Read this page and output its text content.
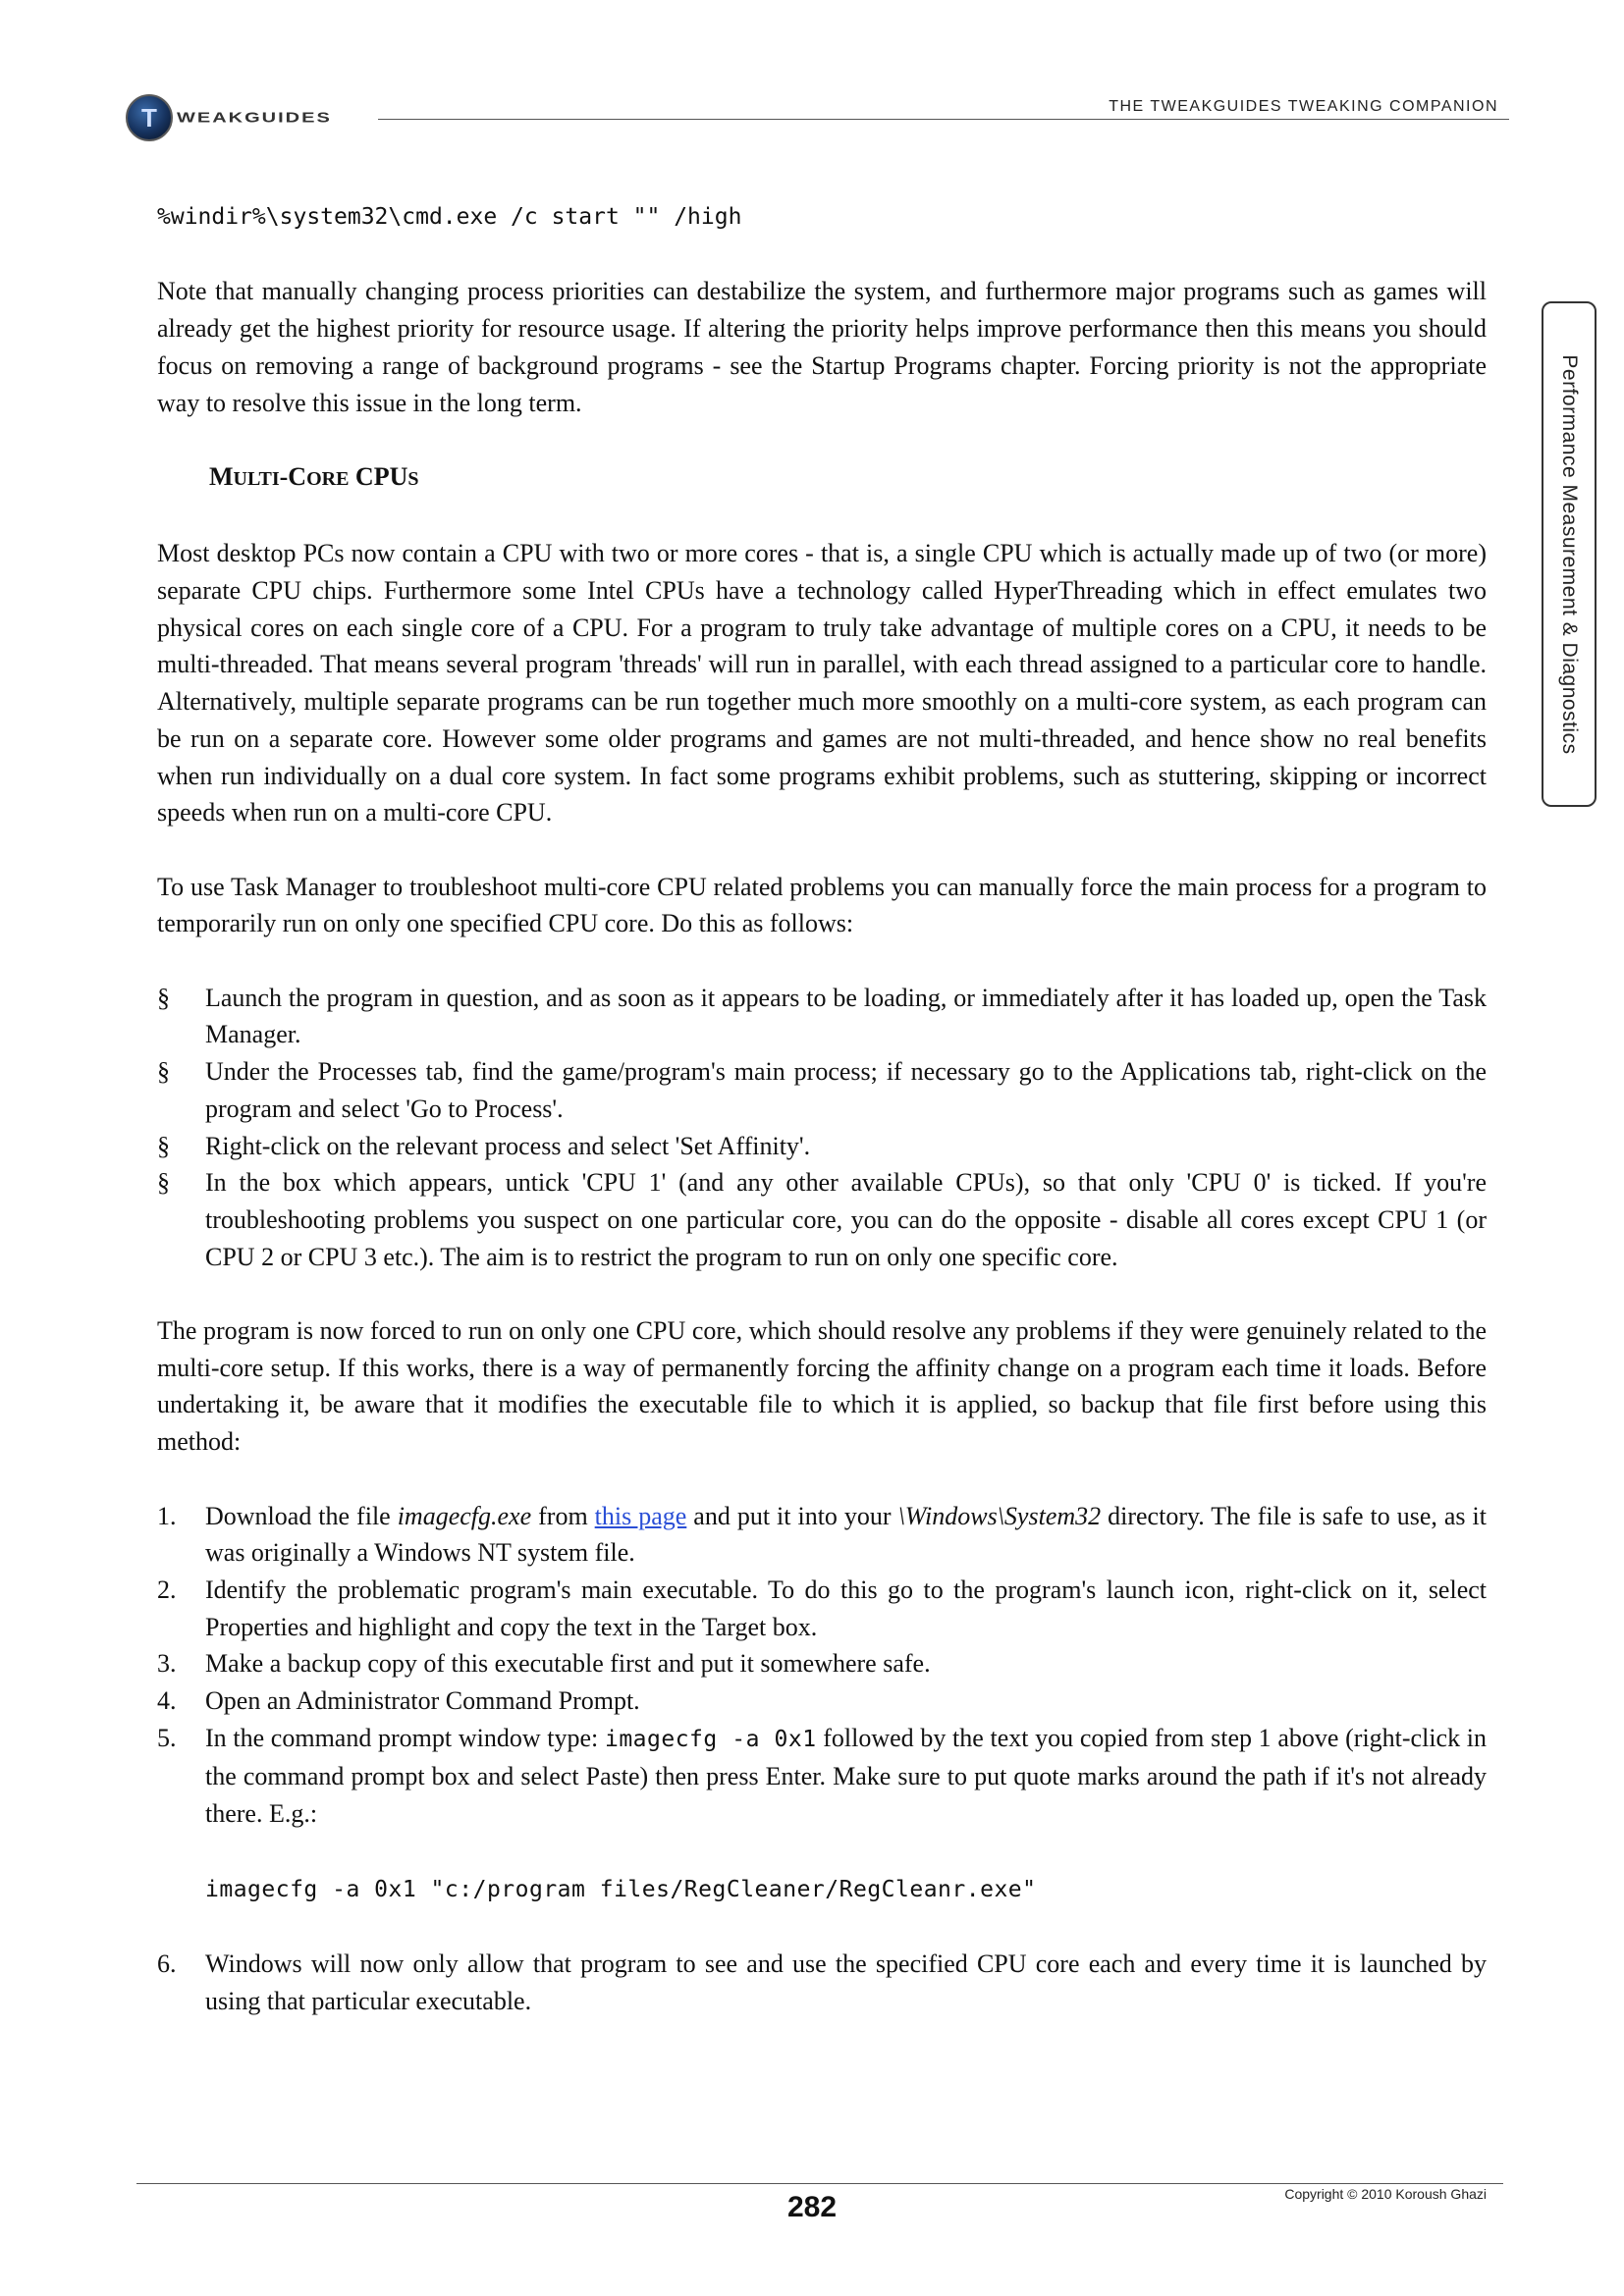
T	WEAKGUIDES
THE TWEAKGUIDES TWEAKING COMPANION
Performance Measurement & Diagnostics

%windir%\system32\cmd.exe /c start "" /high

Note that manually changing process priorities can destabilize the system, and furthermore major programs such as games will already get the highest priority for resource usage. If altering the priority helps improve performance then this means you should focus on removing a range of background programs - see the Startup Programs chapter. Forcing priority is not the appropriate way to resolve this issue in the long term.

MULTI-CORE CPUS

Most desktop PCs now contain a CPU with two or more cores - that is, a single CPU which is actually made up of two (or more) separate CPU chips. Furthermore some Intel CPUs have a technology called HyperThreading which in effect emulates two physical cores on each single core of a CPU. For a program to truly take advantage of multiple cores on a CPU, it needs to be multi-threaded. That means several program 'threads' will run in parallel, with each thread assigned to a particular core to handle. Alternatively, multiple separate programs can be run together much more smoothly on a multi-core system, as each program can be run on a separate core. However some older programs and games are not multi-threaded, and hence show no real benefits when run individually on a dual core system. In fact some programs exhibit problems, such as stuttering, skipping or incorrect speeds when run on a multi-core CPU.

To use Task Manager to troubleshoot multi-core CPU related problems you can manually force the main process for a program to temporarily run on only one specified CPU core. Do this as follows:

§ Launch the program in question, and as soon as it appears to be loading, or immediately after it has loaded up, open the Task Manager.
§ Under the Processes tab, find the game/program's main process; if necessary go to the Applications tab, right-click on the program and select 'Go to Process'.
§ Right-click on the relevant process and select 'Set Affinity'.
§ In the box which appears, untick 'CPU 1' (and any other available CPUs), so that only 'CPU 0' is ticked. If you're troubleshooting problems you suspect on one particular core, you can do the opposite - disable all cores except CPU 1 (or CPU 2 or CPU 3 etc.). The aim is to restrict the program to run on only one specific core.

The program is now forced to run on only one CPU core, which should resolve any problems if they were genuinely related to the multi-core setup. If this works, there is a way of permanently forcing the affinity change on a program each time it loads. Before undertaking it, be aware that it modifies the executable file to which it is applied, so backup that file first before using this method:

1. Download the file imagecfg.exe from this page and put it into your \Windows\System32 directory. The file is safe to use, as it was originally a Windows NT system file.
2. Identify the problematic program's main executable. To do this go to the program's launch icon, right-click on it, select Properties and highlight and copy the text in the Target box.
3. Make a backup copy of this executable first and put it somewhere safe.
4. Open an Administrator Command Prompt.
5. In the command prompt window type: imagecfg -a 0x1 followed by the text you copied from step 1 above (right-click in the command prompt box and select Paste) then press Enter. Make sure to put quote marks around the path if it's not already there. E.g.:
imagecfg -a 0x1 "c:/program files/RegCleaner/RegCleanr.exe"
6. Windows will now only allow that program to see and use the specified CPU core each and every time it is launched by using that particular executable.
Copyright © 2010 Koroush Ghazi
282
